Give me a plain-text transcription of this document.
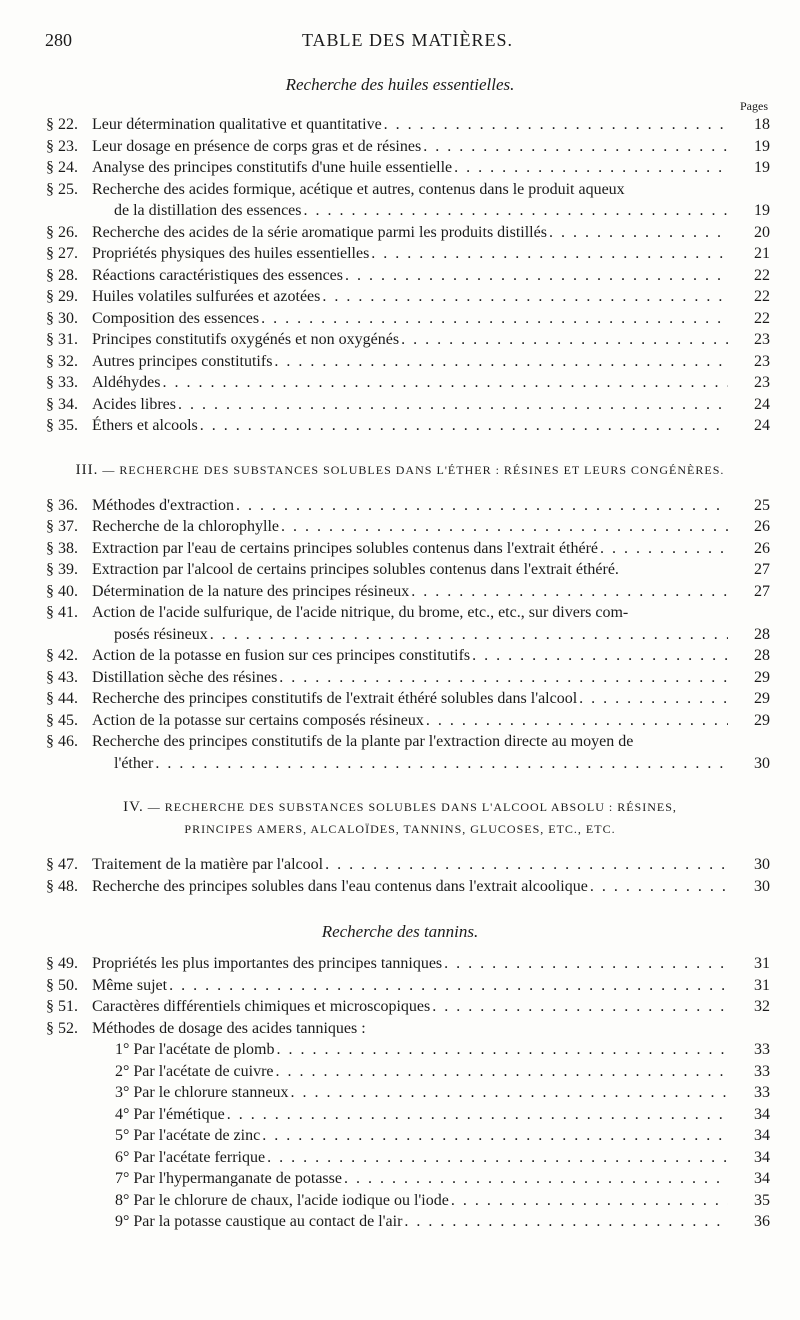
280	TABLE DES MATIÈRES.
Recherche des huiles essentielles.
Pages
§ 22. Leur détermination qualitative et quantitative . . .	18
§ 23. Leur dosage en présence de corps gras et de résines . . .	19
§ 24. Analyse des principes constitutifs d'une huile essentielle . . .	19
§ 25. Recherche des acides formique, acétique et autres, contenus dans le produit aqueux
de la distillation des essences . . .	19
§ 26. Recherche des acides de la série aromatique parmi les produits distillés . . .	20
§ 27. Propriétés physiques des huiles essentielles . . .	21
§ 28. Réactions caractéristiques des essences . . .	22
§ 29. Huiles volatiles sulfurées et azotées . . .	22
§ 30. Composition des essences . . .	22
§ 31. Principes constitutifs oxygénés et non oxygénés . . .	23
§ 32. Autres principes constitutifs . . .	23
§ 33. Aldéhydes . . .	23
§ 34. Acides libres . . .	24
§ 35. Éthers et alcools . . .	24
III. — RECHERCHE DES SUBSTANCES SOLUBLES DANS L'ÉTHER : RÉSINES ET LEURS CONGÉNÈRES.
§ 36. Méthodes d'extraction . . .	25
§ 37. Recherche de la chlorophylle . . .	26
§ 38. Extraction par l'eau de certains principes solubles contenus dans l'extrait éthéré . . .	26
§ 39. Extraction par l'alcool de certains principes solubles contenus dans l'extrait éthéré.	27
§ 40. Détermination de la nature des principes résineux . . .	27
§ 41. Action de l'acide sulfurique, de l'acide nitrique, du brome, etc., etc., sur divers com-
posés résineux . . .	28
§ 42. Action de la potasse en fusion sur ces principes constitutifs . . .	28
§ 43. Distillation sèche des résines . . .	29
§ 44. Recherche des principes constitutifs de l'extrait éthéré solubles dans l'alcool . . .	29
§ 45. Action de la potasse sur certains composés résineux . . .	29
§ 46. Recherche des principes constitutifs de la plante par l'extraction directe au moyen de
l'éther . . .	30
IV. — RECHERCHE DES SUBSTANCES SOLUBLES DANS L'ALCOOL ABSOLU : RÉSINES,
PRINCIPES AMERS, ALCALOÏDES, TANNINS, GLUCOSES, ETC., ETC.
§ 47. Traitement de la matière par l'alcool . . .	30
§ 48. Recherche des principes solubles dans l'eau contenus dans l'extrait alcoolique . . .	30
Recherche des tannins.
§ 49. Propriétés les plus importantes des principes tanniques . . .	31
§ 50. Même sujet . . .	31
§ 51. Caractères différentiels chimiques et microscopiques . . .	32
§ 52. Méthodes de dosage des acides tanniques :
1° Par l'acétate de plomb . . .	33
2° Par l'acétate de cuivre . . .	33
3° Par le chlorure stanneux . . .	33
4° Par l'émétique . . .	34
5° Par l'acétate de zinc . . .	34
6° Par l'acétate ferrique . . .	34
7° Par l'hypermanganate de potasse . . .	34
8° Par le chlorure de chaux, l'acide iodique ou l'iode . . .	35
9° Par la potasse caustique au contact de l'air . . .	36
